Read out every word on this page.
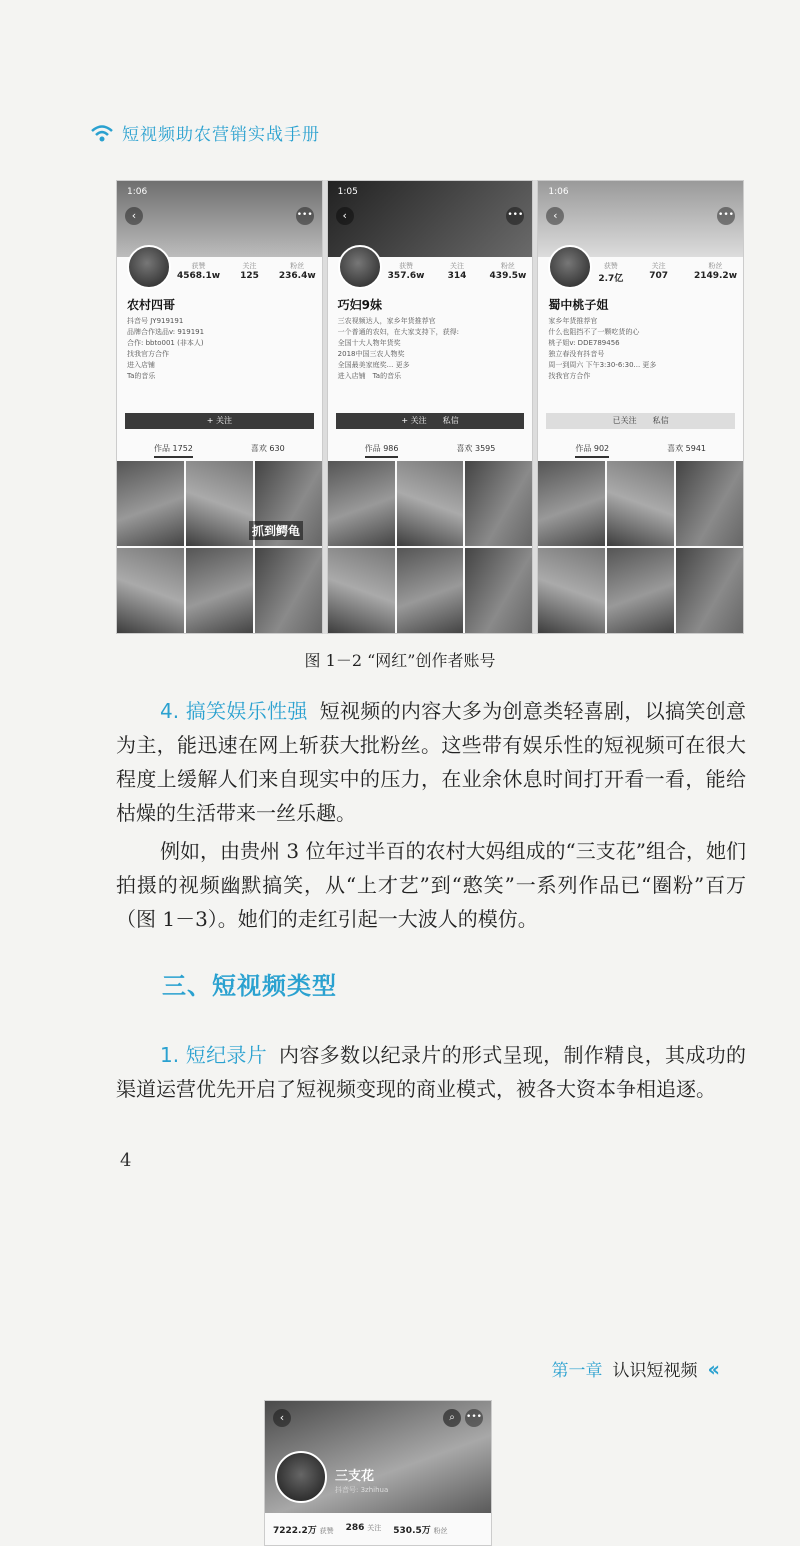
短视频助农营销实战手册
1:06
‹	•••
获赞
4568.1w
关注
125
粉丝
236.4w
农村四哥
抖音号 JY919191
品牌合作选品v: 919191
合作: bbto001 (非本人)
找我官方合作
进入店铺
Ta的音乐
+ 关注
作品 1752	喜欢 630
抓到鳄龟
1:05
‹	•••
获赞
357.6w
关注
314
粉丝
439.5w
巧妇9妹
三农视频达人，家乡年货推荐官
一个普通的农妇，在大家支持下，获得:
全国十大人物年货奖
2018中国三农人物奖
全国最美家庭奖... 更多
进入店铺　 Ta的音乐
+ 关注　　 私信
作品 986	喜欢 3595
1:06
‹	•••
获赞
2.7亿
关注
707
粉丝
2149.2w
蜀中桃子姐
家乡年货推荐官
什么也阻挡不了一颗吃货的心
桃子姐v: DDE789456
独立春没有抖音号
周一到周六 下午3:30-6:30... 更多
找我官方合作
已关注　　 私信
作品 902	喜欢 5941
图 1－2 “网红”创作者账号

4. 搞笑娱乐性强 短视频的内容大多为创意类轻喜剧，以搞笑创意为主，能迅速在网上斩获大批粉丝。这些带有娱乐性的短视频可在很大程度上缓解人们来自现实中的压力，在业余休息时间打开看一看，能给枯燥的生活带来一丝乐趣。

例如，由贵州 3 位年过半百的农村大妈组成的“三支花”组合，她们拍摄的视频幽默搞笑，从“上才艺”到“憨笑”一系列作品已“圈粉”百万（图 1－3）。她们的走红引起一大波人的模仿。

三、短视频类型

1. 短纪录片 内容多数以纪录片的形式呈现，制作精良，其成功的渠道运营优先开启了短视频变现的商业模式，被各大资本争相追逐。

4
第一章 认识短视频 ‹‹
‹	⌕	•••
三支花
抖音号: 3zhihua
7222.2万 获赞 286 关注 530.5万 粉丝
